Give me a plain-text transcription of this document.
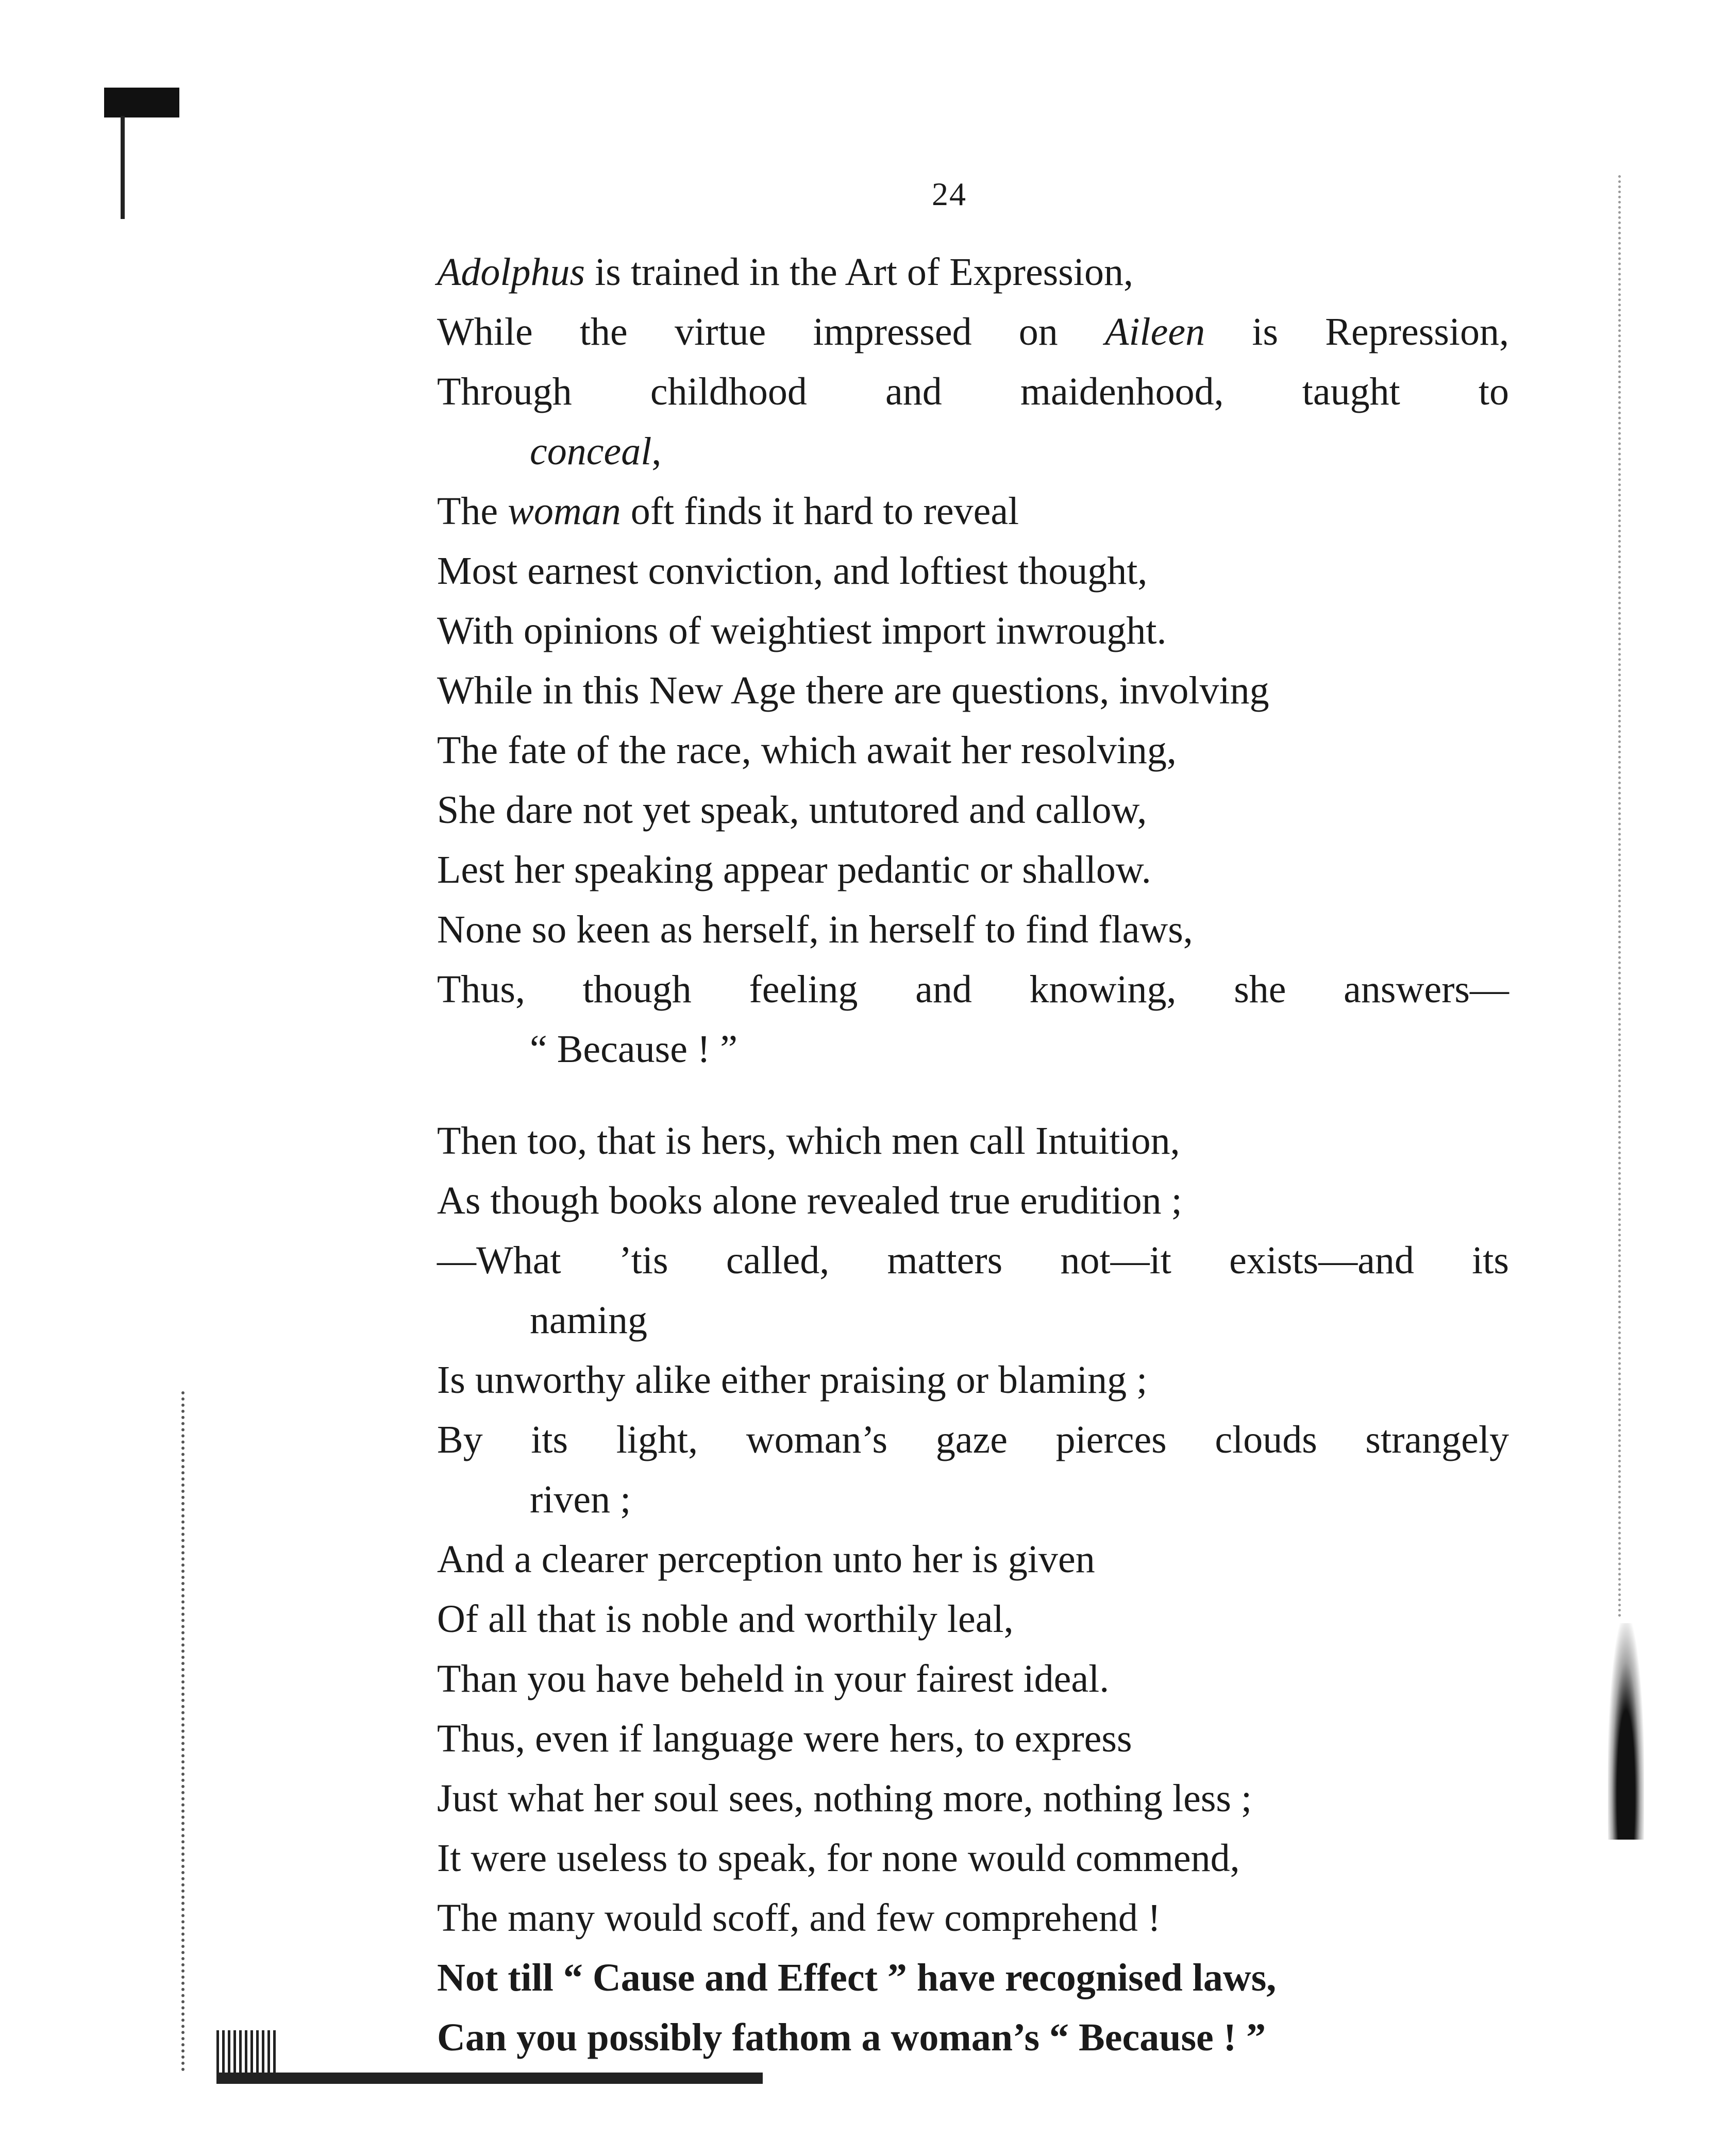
24
Adolphus is trained in the Art of Expression,
While the virtue impressed on Aileen is Repression,
Through childhood and maidenhood, taught to
conceal,
The woman oft finds it hard to reveal
Most earnest conviction, and loftiest thought,
With opinions of weightiest import inwrought.
While in this New Age there are questions, involving
The fate of the race, which await her resolving,
She dare not yet speak, untutored and callow,
Lest her speaking appear pedantic or shallow.
None so keen as herself, in herself to find flaws,
Thus, though feeling and knowing, she answers—
“ Because ! ”
Then too, that is hers, which men call Intuition,
As though books alone revealed true erudition ;
—What ’tis called, matters not—it exists—and its
naming
Is unworthy alike either praising or blaming ;
By its light, woman’s gaze pierces clouds strangely
riven ;
And a clearer perception unto her is given
Of all that is noble and worthily leal,
Than you have beheld in your fairest ideal.
Thus, even if language were hers, to express
Just what her soul sees, nothing more, nothing less ;
It were useless to speak, for none would commend,
The many would scoff, and few comprehend !
Not till “ Cause and Effect ” have recognised laws,
Can you possibly fathom a woman’s “ Because ! ”
